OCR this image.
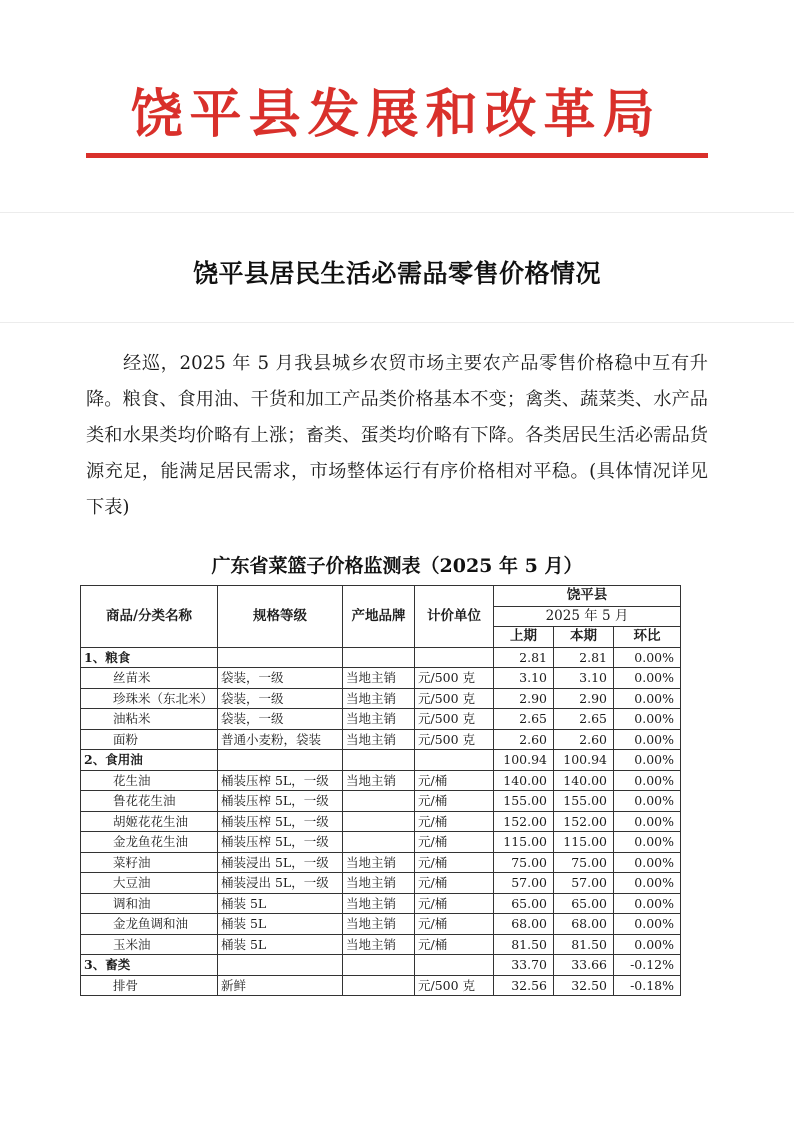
饶平县发展和改革局
饶平县居民生活必需品零售价格情况
经巡，2025 年 5 月我县城乡农贸市场主要农产品零售价格稳中互有升降。粮食、食用油、干货和加工产品类价格基本不变；禽类、蔬菜类、水产品类和水果类均价略有上涨；畜类、蛋类均价略有下降。各类居民生活必需品货源充足，能满足居民需求，市场整体运行有序价格相对平稳。(具体情况详见下表)
广东省菜篮子价格监测表（2025 年 5 月）
商品/分类名称	规格等级	产地品牌	计价单位	饶平县		
				2025 年 5 月		
				上期	本期	环比
1、粮食				2.81	2.81	0.00%
丝苗米	袋装，一级	当地主销	元/500 克	3.10	3.10	0.00%
珍珠米（东北米）	袋装，一级	当地主销	元/500 克	2.90	2.90	0.00%
油粘米	袋装，一级	当地主销	元/500 克	2.65	2.65	0.00%
面粉	普通小麦粉，袋装	当地主销	元/500 克	2.60	2.60	0.00%
2、食用油				100.94	100.94	0.00%
花生油	桶装压榨 5L，一级	当地主销	元/桶	140.00	140.00	0.00%
鲁花花生油	桶装压榨 5L，一级		元/桶	155.00	155.00	0.00%
胡姬花花生油	桶装压榨 5L，一级		元/桶	152.00	152.00	0.00%
金龙鱼花生油	桶装压榨 5L，一级		元/桶	115.00	115.00	0.00%
菜籽油	桶装浸出 5L，一级	当地主销	元/桶	75.00	75.00	0.00%
大豆油	桶装浸出 5L，一级	当地主销	元/桶	57.00	57.00	0.00%
调和油	桶装 5L	当地主销	元/桶	65.00	65.00	0.00%
金龙鱼调和油	桶装 5L	当地主销	元/桶	68.00	68.00	0.00%
玉米油	桶装 5L	当地主销	元/桶	81.50	81.50	0.00%
3、畜类				33.70	33.66	-0.12%
排骨	新鲜		元/500 克	32.56	32.50	-0.18%
